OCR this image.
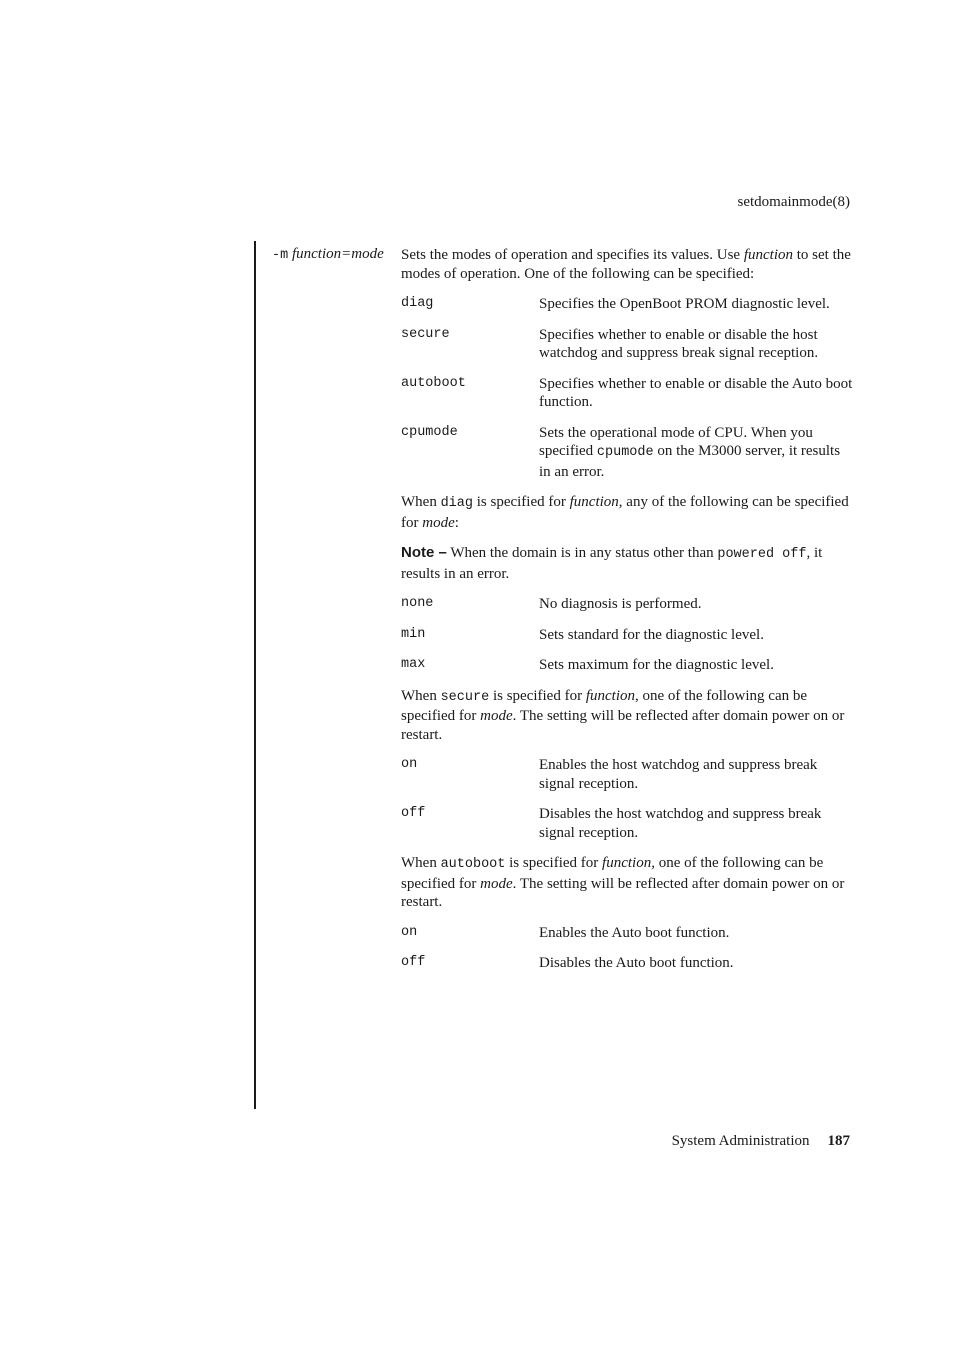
setdomainmode(8)
-m function=mode Sets the modes of operation and specifies its values. Use function to set the modes of operation. One of the following can be specified:

diag	Specifies the OpenBoot PROM diagnostic level.
secure	Specifies whether to enable or disable the host watchdog and suppress break signal reception.
autoboot	Specifies whether to enable or disable the Auto boot function.
cpumode	Sets the operational mode of CPU. When you specified cpumode on the M3000 server, it results in an error.

When diag is specified for function, any of the following can be specified for mode:

Note – When the domain is in any status other than powered off, it results in an error.

none	No diagnosis is performed.
min	Sets standard for the diagnostic level.
max	Sets maximum for the diagnostic level.

When secure is specified for function, one of the following can be specified for mode. The setting will be reflected after domain power on or restart.

on	Enables the host watchdog and suppress break signal reception.
off	Disables the host watchdog and suppress break signal reception.

When autoboot is specified for function, one of the following can be specified for mode. The setting will be reflected after domain power on or restart.

on	Enables the Auto boot function.
off	Disables the Auto boot function.
System Administration 187
